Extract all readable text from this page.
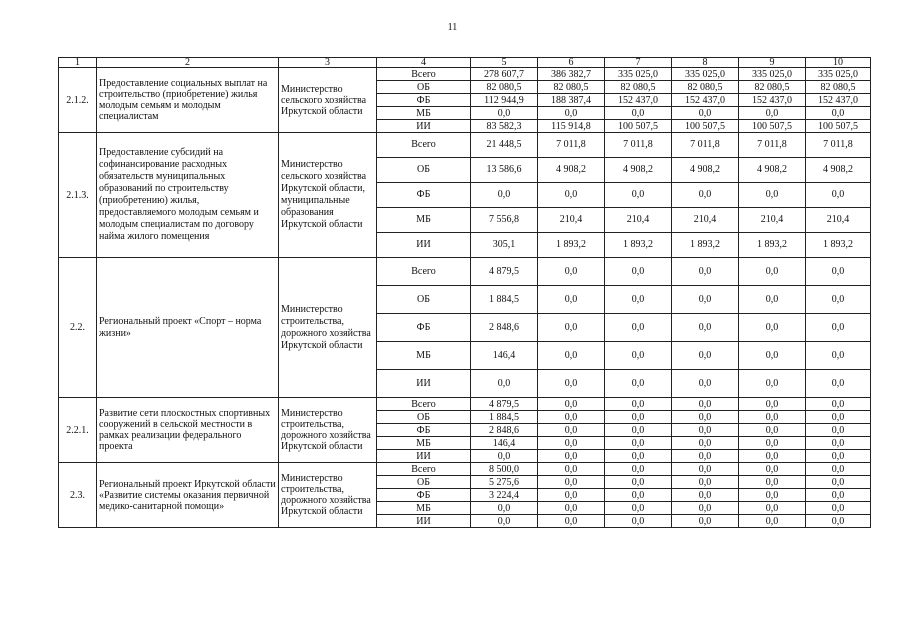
11
1	2	3	4	5	6	7	8	9	10
2.1.2.	Предоставление социальных выплат на строительство (приобретение) жилья молодым семьям и молодым специалистам	Министерство сельского хозяйства Иркутской области	Всего	278 607,7	386 382,7	335 025,0	335 025,0	335 025,0	335 025,0
			ОБ	82 080,5	82 080,5	82 080,5	82 080,5	82 080,5	82 080,5
			ФБ	112 944,9	188 387,4	152 437,0	152 437,0	152 437,0	152 437,0
			МБ	0,0	0,0	0,0	0,0	0,0	0,0
			ИИ	83 582,3	115 914,8	100 507,5	100 507,5	100 507,5	100 507,5
2.1.3.	Предоставление субсидий на софинансирование расходных обязательств муниципальных образований по строительству (приобретению) жилья, предоставляемого молодым семьям и молодым специалистам по договору найма жилого помещения	Министерство сельского хозяйства Иркутской области, муниципальные образования Иркутской области	Всего	21 448,5	7 011,8	7 011,8	7 011,8	7 011,8	7 011,8
			ОБ	13 586,6	4 908,2	4 908,2	4 908,2	4 908,2	4 908,2
			ФБ	0,0	0,0	0,0	0,0	0,0	0,0
			МБ	7 556,8	210,4	210,4	210,4	210,4	210,4
			ИИ	305,1	1 893,2	1 893,2	1 893,2	1 893,2	1 893,2
2.2.	Региональный проект «Спорт – норма жизни»	Министерство строительства, дорожного хозяйства Иркутской области	Всего	4 879,5	0,0	0,0	0,0	0,0	0,0
			ОБ	1 884,5	0,0	0,0	0,0	0,0	0,0
			ФБ	2 848,6	0,0	0,0	0,0	0,0	0,0
			МБ	146,4	0,0	0,0	0,0	0,0	0,0
			ИИ	0,0	0,0	0,0	0,0	0,0	0,0
2.2.1.	Развитие сети плоскостных спортивных сооружений в сельской местности в рамках реализации федерального проекта	Министерство строительства, дорожного хозяйства Иркутской области	Всего	4 879,5	0,0	0,0	0,0	0,0	0,0
			ОБ	1 884,5	0,0	0,0	0,0	0,0	0,0
			ФБ	2 848,6	0,0	0,0	0,0	0,0	0,0
			МБ	146,4	0,0	0,0	0,0	0,0	0,0
			ИИ	0,0	0,0	0,0	0,0	0,0	0,0
2.3.	Региональный проект Иркутской области «Развитие системы оказания первичной медико-санитарной помощи»	Министерство строительства, дорожного хозяйства Иркутской области	Всего	8 500,0	0,0	0,0	0,0	0,0	0,0
			ОБ	5 275,6	0,0	0,0	0,0	0,0	0,0
			ФБ	3 224,4	0,0	0,0	0,0	0,0	0,0
			МБ	0,0	0,0	0,0	0,0	0,0	0,0
			ИИ	0,0	0,0	0,0	0,0	0,0	0,0
